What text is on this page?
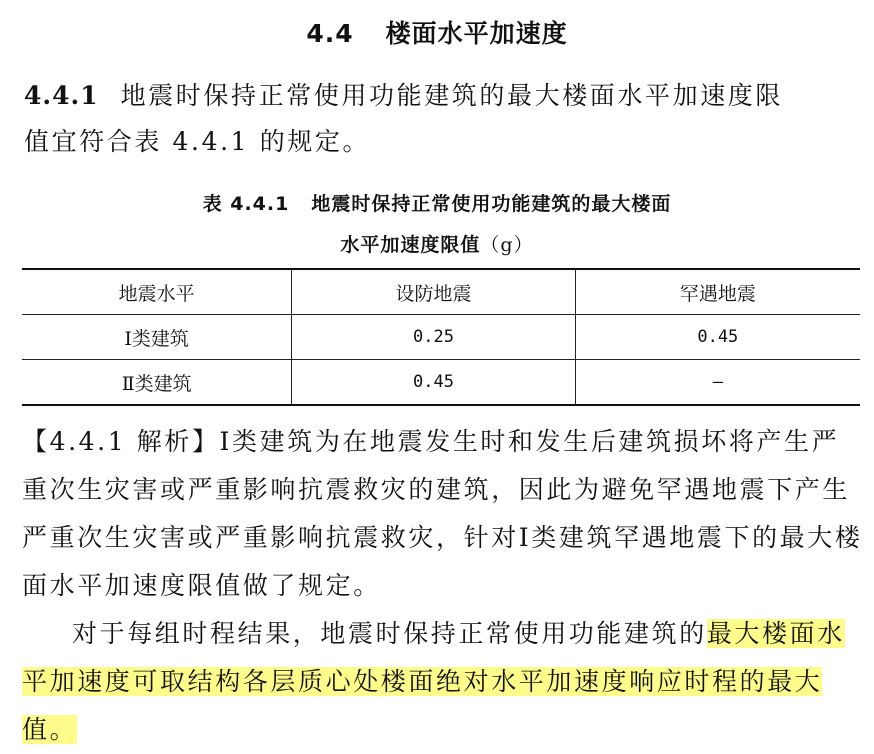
4.4 楼面水平加速度
4.4.1 地震时保持正常使用功能建筑的最大楼面水平加速度限
值宜符合表 4.4.1 的规定。
表 4.4.1 地震时保持正常使用功能建筑的最大楼面
水平加速度限值（g）
地震水平	设防地震	罕遇地震
Ⅰ类建筑	0.25	0.45
Ⅱ类建筑	0.45	—

【4.4.1 解析】Ⅰ类建筑为在地震发生时和发生后建筑损坏将产生严重次生灾害或严重影响抗震救灾的建筑，因此为避免罕遇地震下产生严重次生灾害或严重影响抗震救灾，针对Ⅰ类建筑罕遇地震下的最大楼面水平加速度限值做了规定。

对于每组时程结果，地震时保持正常使用功能建筑的最大楼面水平加速度可取结构各层质心处楼面绝对水平加速度响应时程的最大值。
